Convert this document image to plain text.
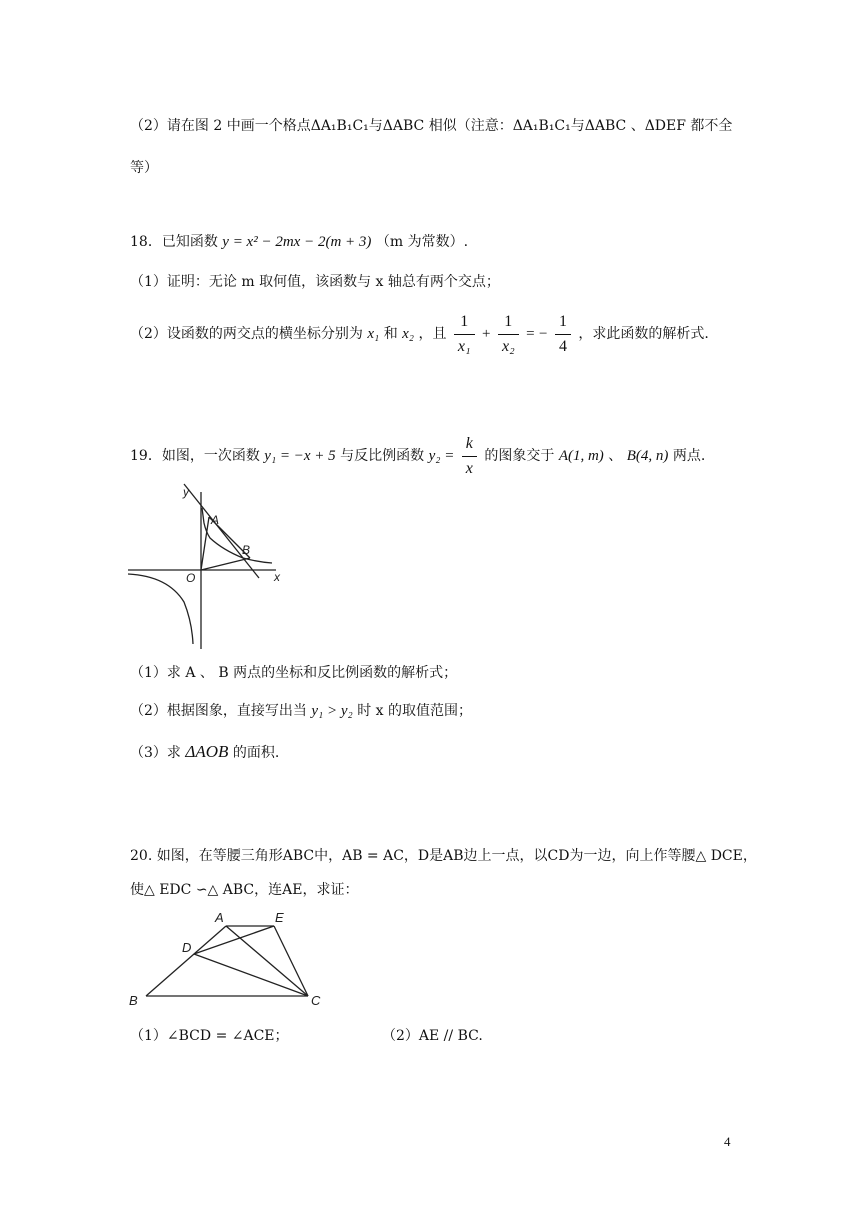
（2）请在图 2 中画一个格点ΔA₁B₁C₁与ΔABC 相似（注意：ΔA₁B₁C₁与ΔABC 、ΔDEF 都不全
等）
18．已知函数 y = x² − 2mx − 2(m + 3) （m 为常数）.
（1）证明：无论 m 取何值，该函数与 x 轴总有两个交点；
（2）设函数的两交点的横坐标分别为 x₁ 和 x₂ ，且 $\frac{1}{\text{x₁}} + \frac{1}{\text{x₂}}$ = − $\frac{1}{4}$ ，求此函数的解析式.
19．如图，一次函数 y₁ = −x + 5 与反比例函数 $y_2 = \frac{k}{x}$ 的图象交于 A(1, m) 、 B(4, n) 两点.
y
A
B
O	x
（1）求 A 、 B 两点的坐标和反比例函数的解析式；
（2）根据图象，直接写出当 y₁ > y₂ 时 x 的取值范围；
（3）求 ΔAOB 的面积.
20. 如图，在等腰三角形ABC中，AB = AC，D是AB边上一点，以CD为一边，向上作等腰△ DCE，
使△ EDC ∽△ ABC，连AE，求证：
A	E
D
B	C
（1）∠BCD = ∠ACE；	（2）AE // BC.
4
